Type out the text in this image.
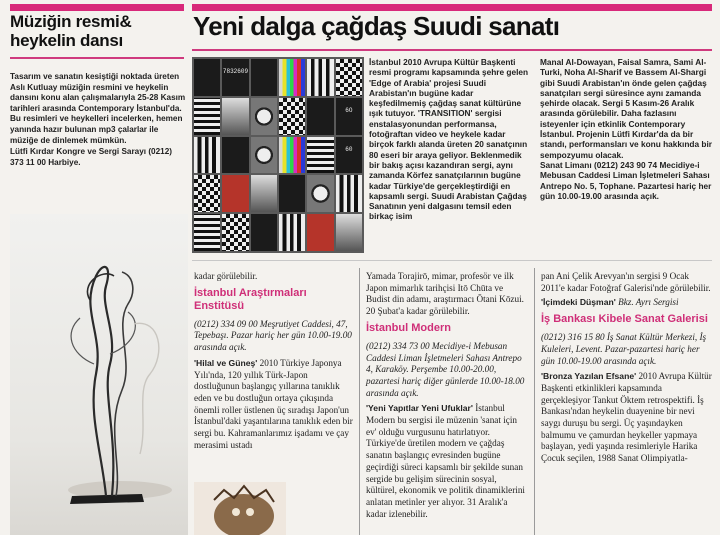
Müziğin resmi&
heykelin dansı
Tasarım ve sanatın kesiştiği noktada üreten Aslı Kutluay müziğin resmini ve heykelin dansını konu alan çalışmalarıyla 25-28 Kasım tarihleri arasında Contemporary İstanbul'da. Bu resimleri ve heykelleri incelerken, hemen yanında hazır bulunan mp3 çalarlar ile müziğe de dinlemek mümkün.
Lütfi Kırdar Kongre ve Sergi Sarayı (0212) 373 11 00 Harbiye.
Yeni dalga çağdaş Suudi sanatı
7832609
6O
60
İstanbul 2010 Avrupa Kültür Başkenti resmi programı kapsamında şehre gelen 'Edge of Arabia' projesi Suudi Arabistan'ın bugüne kadar keşfedilmemiş çağdaş sanat kültürüne ışık tutuyor. 'TRANSITION' sergisi enstalasyonundan performansa, fotoğraftan video ve heykele kadar birçok farklı alanda üreten 20 sanatçının 80 eseri bir araya geliyor. Beklenmedik bir bakış açısı kazandıran sergi, aynı zamanda Körfez sanatçılarının bugüne kadar Türkiye'de gerçekleştirdiği en kapsamlı sergi. Suudi Arabistan Çağdaş Sanatının yeni dalgasını temsil eden birkaç isim
Manal Al-Dowayan, Faisal Samra, Sami Al-Turki, Noha Al-Sharif ve Bassem Al-Shargi gibi Suudi Arabistan'ın önde gelen çağdaş sanatçıları sergi süresince aynı zamanda şehirde olacak. Sergi 5 Kasım-26 Aralık arasında görülebilir. Daha fazlasını isteyenler için etkinlik Contemporary İstanbul. Projenin Lütfi Kırdar'da da bir standı, performansları ve konu hakkında bir sempozyumu olacak.
Sanat Limanı (0212) 243 90 74 Mecidiye-i Mebusan Caddesi Liman İşletmeleri Sahası Antrepo No. 5, Tophane. Pazartesi hariç her gün 10.00-19.00 arasında açık.
kadar görülebilir.
İstanbul Araştırmaları Enstitüsü
(0212) 334 09 00 Meşrutiyet Caddesi, 47, Tepebaşı. Pazar hariç her gün 10.00-19.00 arasında açık.
'Hilal ve Güneş' 2010 Türkiye Japonya Yılı'nda, 120 yıllık Türk-Japon dostluğunun başlangıç yıllarına tanıklık eden ve bu dostluğun ortaya çıkışında önemli roller üstlenen üç sıradışı Japon'un İstanbul'daki yaşantılarına tanıklık eden bir sergi bu. Kahramanlarımız işadamı ve çay merasimi ustadı
Yamada Torajirō, mimar, profesör ve ilk Japon mimarlık tarihçisi Itō Chūta ve Budist din adamı, araştırmacı Ōtani Kōzui. 20 Şubat'a kadar görülebilir.
İstanbul Modern
(0212) 334 73 00 Mecidiye-i Mebusan Caddesi Liman İşletmeleri Sahası Antrepo 4, Karaköy. Perşembe 10.00-20.00, pazartesi hariç diğer günlerde 10.00-18.00 arasında açık.
'Yeni Yapıtlar Yeni Ufuklar' İstanbul Modern bu sergisi ile müzenin 'sanat için ev' olduğu vurgusunu hatırlatıyor. Türkiye'de üretilen modern ve çağdaş sanatın başlangıç evresinden bugüne geçirdiği süreci kapsamlı bir şekilde sunan sergide bu gelişim sürecinin sosyal, kültürel, ekonomik ve politik dinamiklerini anlatan metinler yer alıyor. 31 Aralık'a kadar izlenebilir.
pan Ani Çelik Arevyan'ın sergisi 9 Ocak 2011'e kadar Fotoğraf Galerisi'nde görülebilir.
'İçimdeki Düşman' Bkz. Ayrı Sergisi
İş Bankası Kibele Sanat Galerisi
(0212) 316 15 80 İş Sanat Kültür Merkezi, İş Kuleleri, Levent. Pazar-pazartesi hariç her gün 10.00-19.00 arasında açık.
'Bronza Yazılan Efsane' 2010 Avrupa Kültür Başkenti etkinlikleri kapsamında gerçekleşiyor Tankut Öktem retrospektifi. İş Bankası'ndan heykelin duayenine bir nevi saygı duruşu bu sergi. Üç yaşındayken balmumu ve çamurdan heykeller yapmaya başlayan, yedi yaşında resimleriyle Harika Çocuk seçilen, 1988 Sanat Olimpiyatla-
